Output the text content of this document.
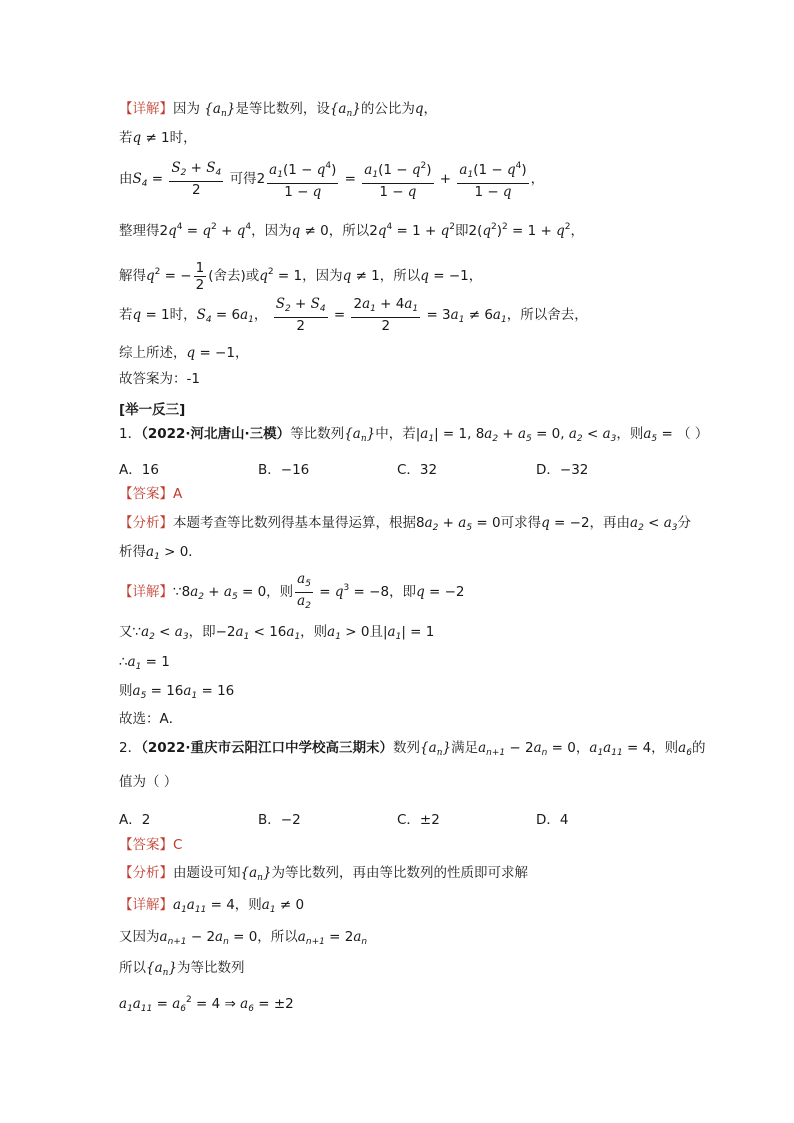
【详解】因为 $\{a_n\}$是等比数列，设$\{a_n\}$的公比为q，
若q ≠ 1时，
由$S_4 = \frac{S_2 + S_4}{2}$ 可得$2 \frac{a_1(1 - q^4)}{1 - q} = \frac{a_1(1 - q^2)}{1 - q} + \frac{a_1(1 - q^4)}{1 - q}$ ，
整理得$2q^4 = q^2 + q^4$，因为q ≠ 0，所以$2q^4 = 1 + q^2$即$2(q^2)^2 = 1 + q^2$，
解得$q^2$ = − $\frac{1}{2}$ (舍去)或$q^2 = 1$，因为q ≠ 1，所以q = −1，
若q = 1时，$S_4 = 6a_1$， $\frac{S_2 + S_4}{2} = \frac{2a_1 + 4a_1}{2} = 3a_1 \ne 6a_1$，所以舍去，
综上所述，q = −1，
故答案为：-1
[举一反三]
1．（2022·河北唐山·三模）等比数列$\{a_n\}$中，若$|a_1| = 1$, $8a_2 + a_5 = 0$, $a_2 < a_3$，则$a_5$ = （ ）
A．16	B．−16	C．32	D．−32
【答案】A
【分析】本题考查等比数列得基本量得运算，根据$8a_2 + a_5 = 0$可求得q = −2，再由$a_2 < a_3$分
析得$a_1 > 0$．
【详解】$\because 8a_2 + a_5 = 0$，则 $\frac{a_5}{a_2} = q^3 = -8$，即q = −2
又$\because a_2 < a_3$，即$-2a_1 < 16a_1$，则$a_1 > 0$且$|a_1| = 1$
$\therefore a_1 = 1$
则$a_5 = 16a_1 = 16$
故选：A．
2．（2022·重庆市云阳江口中学校高三期末）数列$\{a_n\}$满足$a_{n+1} - 2a_n = 0$，$a_1a_{11} = 4$，则$a_6$的
值为（ ）
A．2	B．−2	C．±2	D．4
【答案】C
【分析】由题设可知$\{a_n\}$为等比数列，再由等比数列的性质即可求解
【详解】$a_1a_{11} = 4$，则$a_1 \ne 0$
又因为$a_{n+1} - 2a_n = 0$，所以$a_{n+1} = 2a_n$
所以$\{a_n\}$为等比数列
$a_1a_{11} = a_6^2 = 4$ ⇒ $a_6 = \pm 2$
